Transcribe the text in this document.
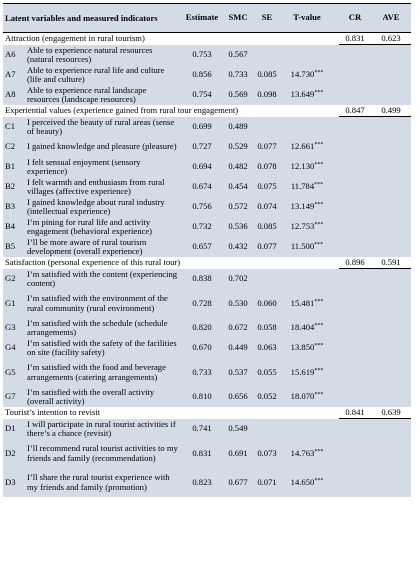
Latent variables and measured indicators		Estimate	SMC	SE	T-value		CR	AVE
Attraction (engagement in rural tourism)							0.831	0.623
A6	Able to experience natural resources (natural resources)	0.753	0.567					
A7	Able to experience rural life and culture (life and culture)	0.856	0.733	0.085	14.730***			
A8	Able to experience rural landscape resources (landscape resources)	0.754	0.569	0.098	13.649***			
Experiential values (experience gained from rural tour engagement)							0.847	0.499
C1	I perceived the beauty of rural areas (sense of beauty)	0.699	0.489					
C2	I gained knowledge and pleasure (pleasure)	0.727	0.529	0.077	12.661***			
B1	I felt sensual enjoyment (sensory experience)	0.694	0.482	0.078	12.130***			
B2	I felt warmth and enthusiasm from rural villages (affective experience)	0.674	0.454	0.075	11.784***			
B3	I gained knowledge about rural industry (intellectual experience)	0.756	0.572	0.074	13.149***			
B4	I’m pining for rural life and activity engagement (behavioral experience)	0.732	0.536	0.085	12.753***			
B5	I’ll be more aware of rural tourism development (overall experience)	0.657	0.432	0.077	11.500***			
Satisfaction (personal experience of this rural tour)							0.896	0.591
G2	I’m satisfied with the content (experiencing content)	0.838	0.702					
G1	I’m satisfied with the environment of the rural community (rural environment)	0.728	0.530	0.060	15.481***			
G3	I’m satisfied with the schedule (schedule arrangements)	0.820	0.672	0.058	18.404***			
G4	I’m satisfied with the safety of the facilities on site (facility safety)	0.670	0.449	0.063	13.850***			
G5	I’m satisfied with the food and beverage arrangements (catering arrangements)	0.733	0.537	0.055	15.619***			
G7	I’m satisfied with the overall activity (overall activity)	0.810	0.656	0.052	18.070***			
Tourist’s intention to revisit							0.841	0.639
D1	I will participate in rural tourist activities if there’s a chance (revisit)	0.741	0.549					
D2	I’ll recommend rural tourist activities to my friends and family (recommendation)	0.831	0.691	0.073	14.763***			
D3	I’ll share the rural tourist experience with my friends and family (promotion)	0.823	0.677	0.071	14.650***			
